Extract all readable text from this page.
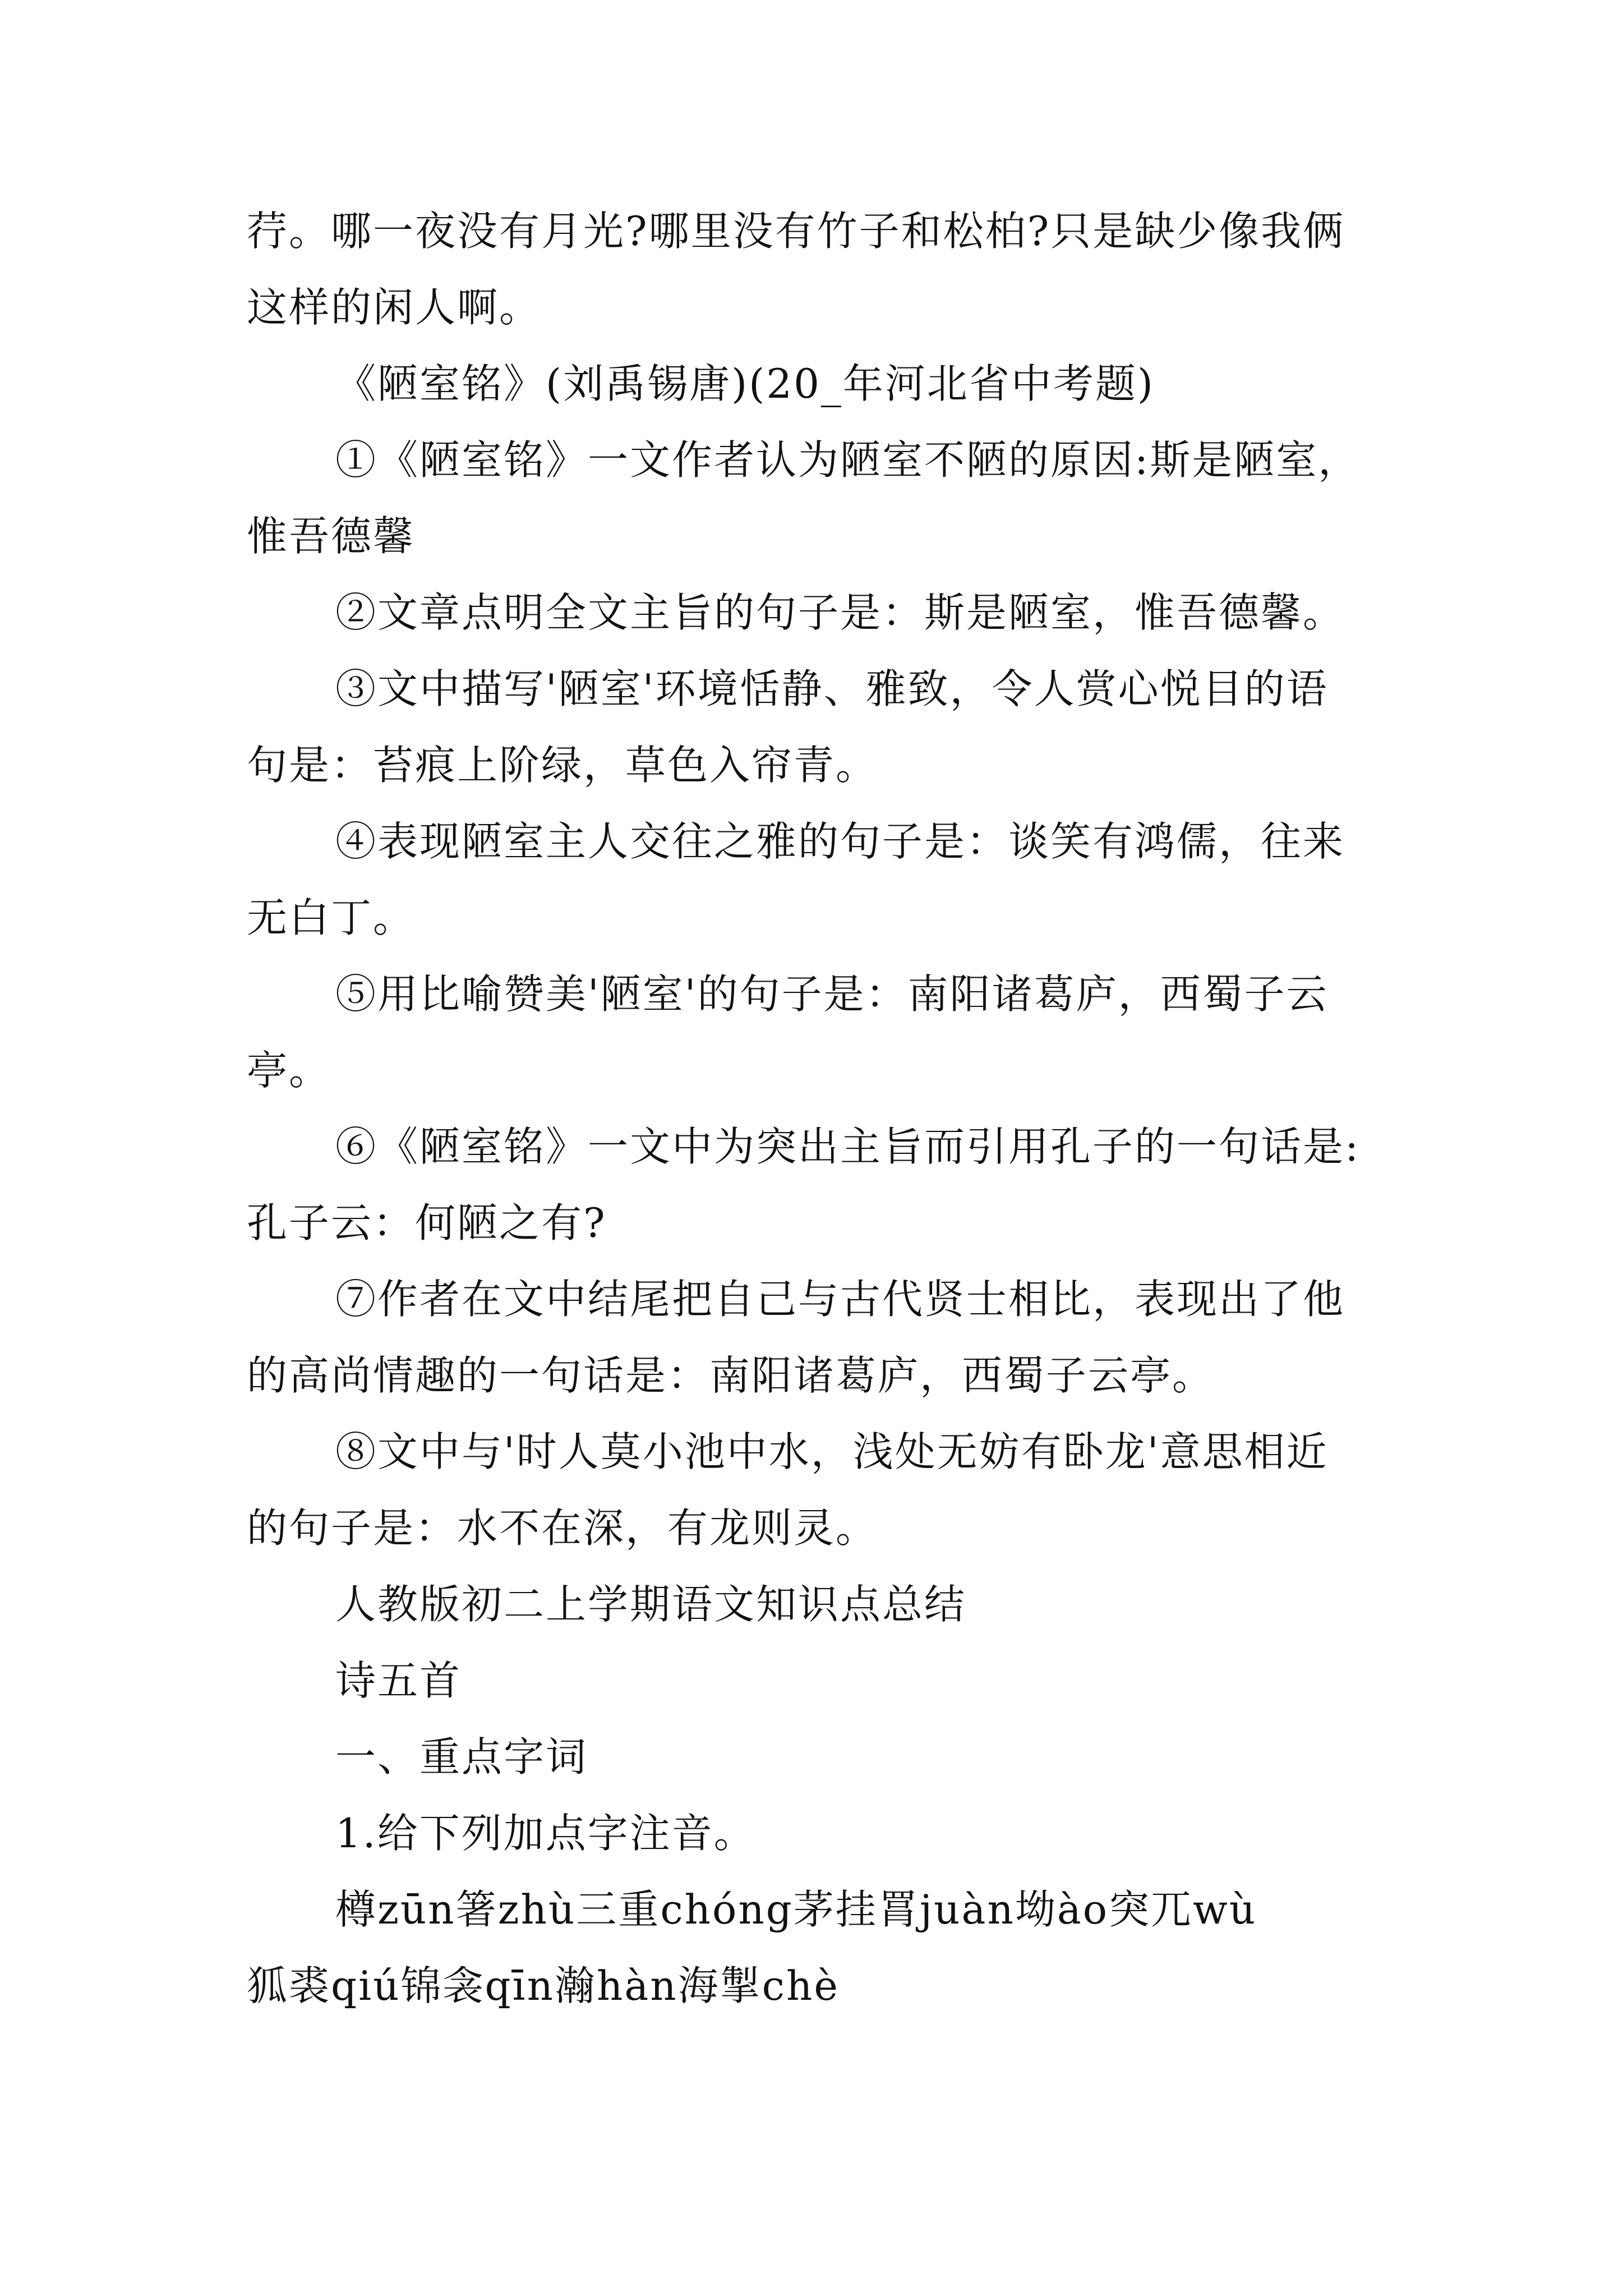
荇。哪一夜没有月光?哪里没有竹子和松柏?只是缺少像我俩
这样的闲人啊。
《陋室铭》(刘禹锡唐)(20_年河北省中考题)
①《陋室铭》一文作者认为陋室不陋的原因:斯是陋室，
惟吾德馨
②文章点明全文主旨的句子是：斯是陋室，惟吾德馨。
③文中描写'陋室'环境恬静、雅致，令人赏心悦目的语
句是：苔痕上阶绿，草色入帘青。
④表现陋室主人交往之雅的句子是：谈笑有鸿儒，往来
无白丁。
⑤用比喻赞美'陋室'的句子是：南阳诸葛庐，西蜀子云
亭。
⑥《陋室铭》一文中为突出主旨而引用孔子的一句话是:
孔子云：何陋之有?
⑦作者在文中结尾把自己与古代贤士相比，表现出了他
的高尚情趣的一句话是：南阳诸葛庐，西蜀子云亭。
⑧文中与'时人莫小池中水，浅处无妨有卧龙'意思相近
的句子是：水不在深，有龙则灵。
人教版初二上学期语文知识点总结
诗五首
一、重点字词
1.给下列加点字注音。
樽zūn箸zhù三重chóng茅挂罥juàn坳ào突兀wù
狐裘qiú锦衾qīn瀚hàn海掣chè
